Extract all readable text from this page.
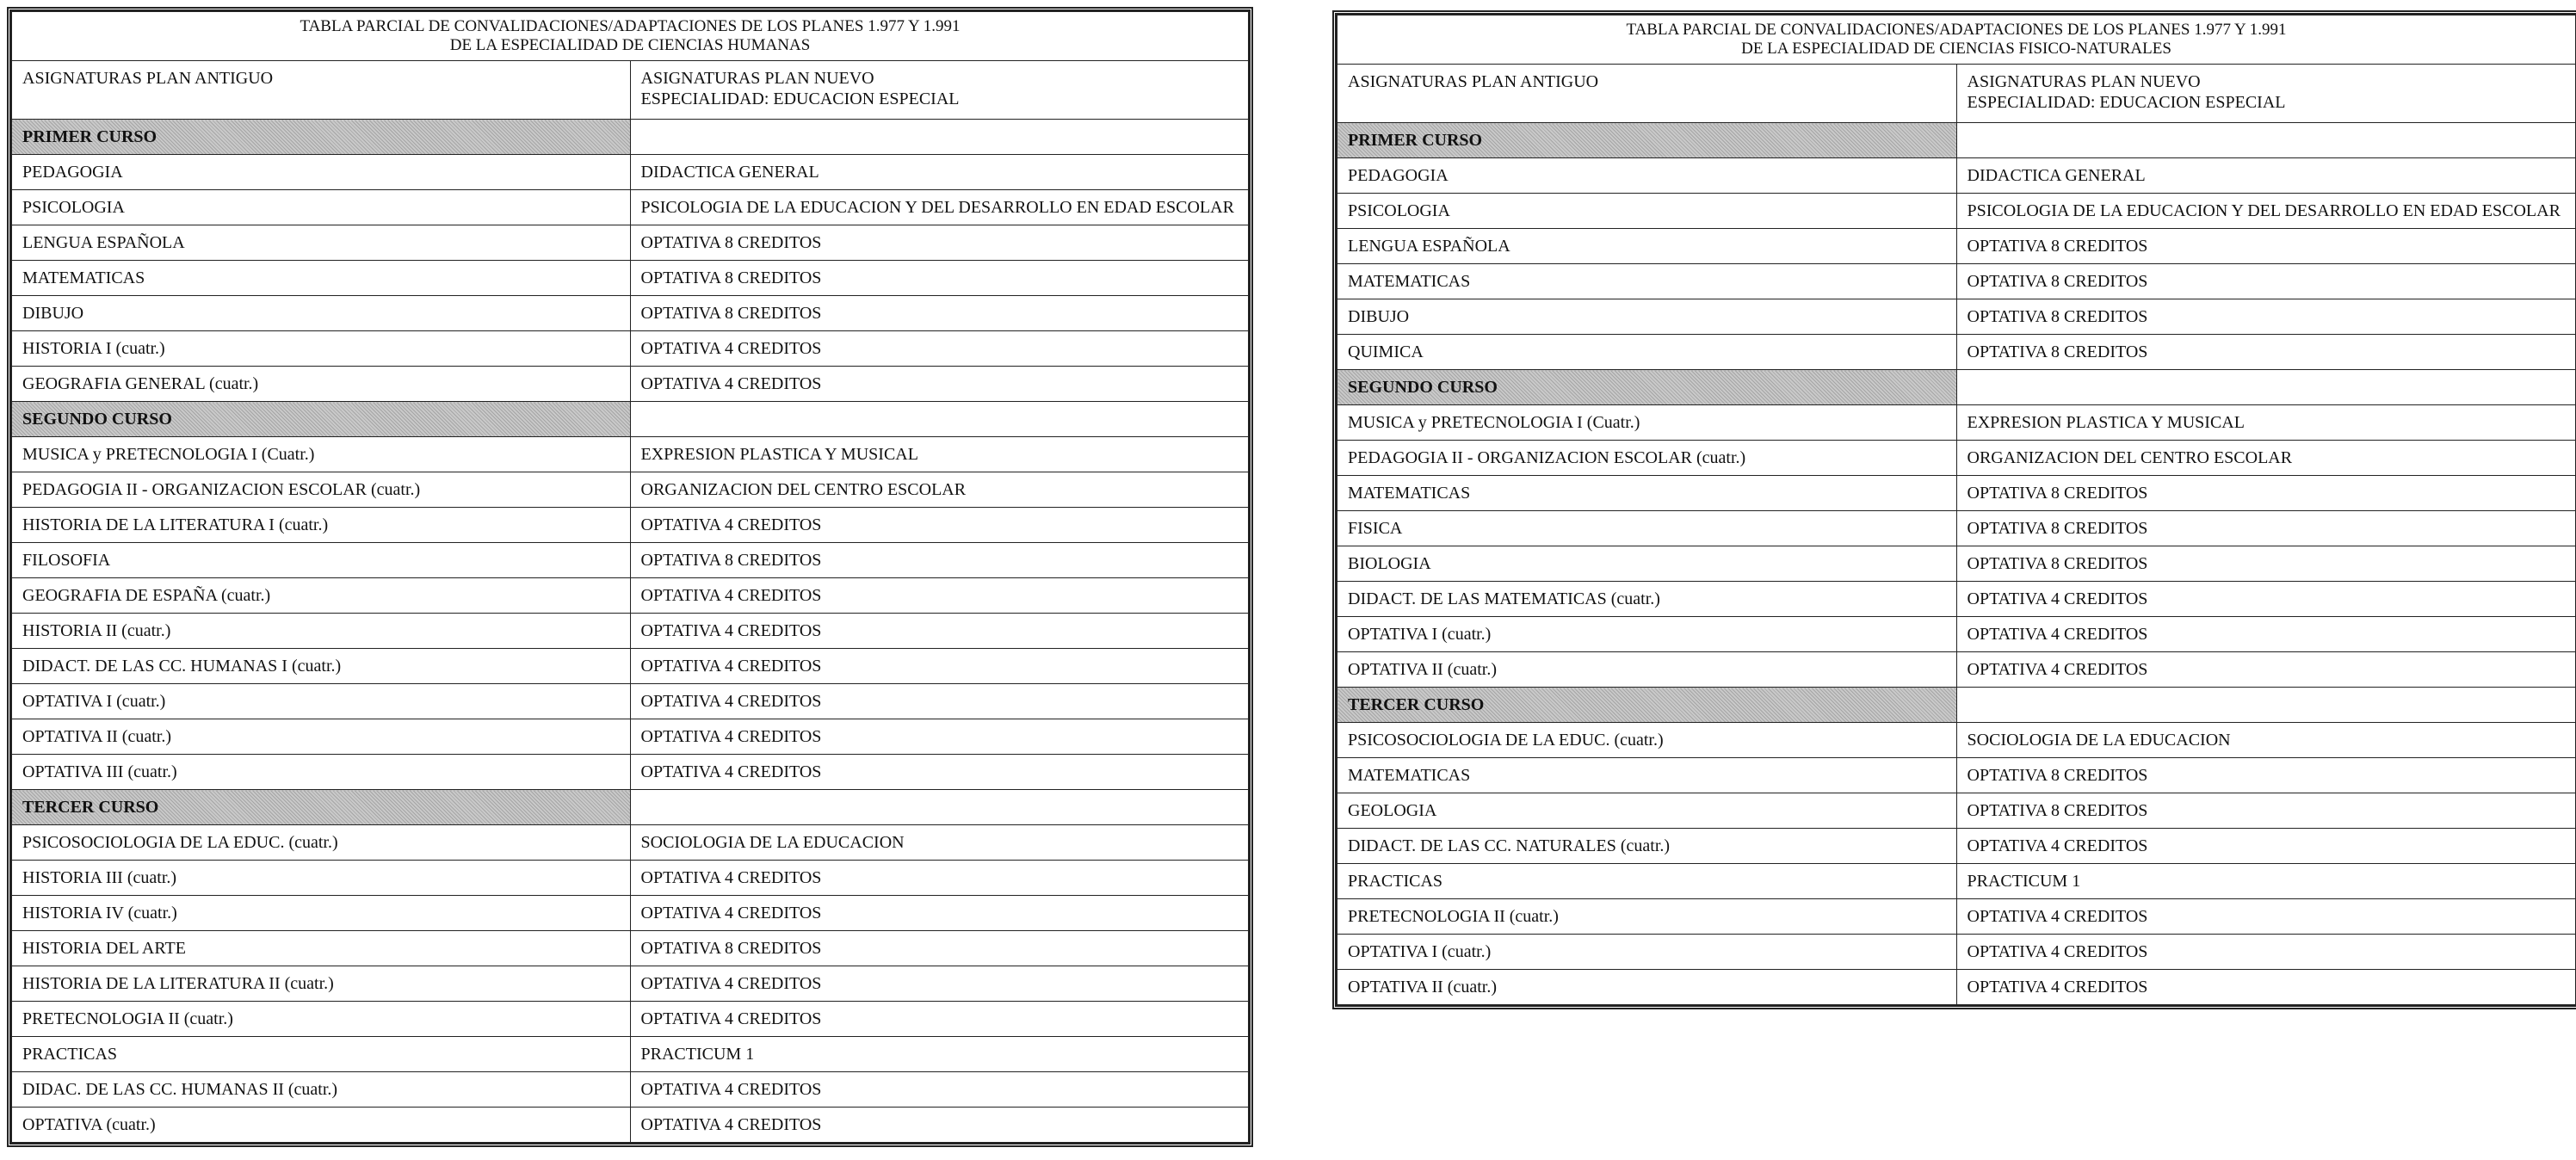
TABLA PARCIAL DE CONVALIDACIONES/ADAPTACIONES DE LOS PLANES 1.977 Y 1.991
DE LA ESPECIALIDAD DE CIENCIAS HUMANAS	

ASIGNATURAS PLAN ANTIGUO	ASIGNATURAS PLAN NUEVO
ESPECIALIDAD: EDUCACION ESPECIAL

PRIMER CURSO	
PEDAGOGIA	DIDACTICA GENERAL
PSICOLOGIA	PSICOLOGIA DE LA EDUCACION Y DEL DESARROLLO EN EDAD ESCOLAR
LENGUA ESPAÑOLA	OPTATIVA 8 CREDITOS
MATEMATICAS	OPTATIVA 8 CREDITOS
DIBUJO	OPTATIVA 8 CREDITOS
HISTORIA I (cuatr.)	OPTATIVA 4 CREDITOS
GEOGRAFIA GENERAL (cuatr.)	OPTATIVA 4 CREDITOS
SEGUNDO CURSO	
MUSICA y PRETECNOLOGIA I (Cuatr.)	EXPRESION PLASTICA Y MUSICAL
PEDAGOGIA II - ORGANIZACION ESCOLAR (cuatr.)	ORGANIZACION DEL CENTRO ESCOLAR
HISTORIA DE LA LITERATURA I (cuatr.)	OPTATIVA 4 CREDITOS
FILOSOFIA	OPTATIVA 8 CREDITOS
GEOGRAFIA DE ESPAÑA (cuatr.)	OPTATIVA 4 CREDITOS
HISTORIA II (cuatr.)	OPTATIVA 4 CREDITOS
DIDACT. DE LAS CC. HUMANAS I (cuatr.)	OPTATIVA 4 CREDITOS
OPTATIVA I (cuatr.)	OPTATIVA 4 CREDITOS
OPTATIVA II (cuatr.)	OPTATIVA 4 CREDITOS
OPTATIVA III (cuatr.)	OPTATIVA 4 CREDITOS
TERCER CURSO	
PSICOSOCIOLOGIA DE LA EDUC. (cuatr.)	SOCIOLOGIA DE LA EDUCACION
HISTORIA III (cuatr.)	OPTATIVA 4 CREDITOS
HISTORIA IV (cuatr.)	OPTATIVA 4 CREDITOS
HISTORIA DEL ARTE	OPTATIVA 8 CREDITOS
HISTORIA DE LA LITERATURA II (cuatr.)	OPTATIVA 4 CREDITOS
PRETECNOLOGIA II (cuatr.)	OPTATIVA 4 CREDITOS
PRACTICAS	PRACTICUM 1
DIDAC. DE LAS CC. HUMANAS II (cuatr.)	OPTATIVA 4 CREDITOS
OPTATIVA (cuatr.)	OPTATIVA 4 CREDITOS
TABLA PARCIAL DE CONVALIDACIONES/ADAPTACIONES DE LOS PLANES 1.977 Y 1.991
DE LA ESPECIALIDAD DE CIENCIAS FISICO-NATURALES	

ASIGNATURAS PLAN ANTIGUO	ASIGNATURAS PLAN NUEVO
ESPECIALIDAD: EDUCACION ESPECIAL

PRIMER CURSO	
PEDAGOGIA	DIDACTICA GENERAL
PSICOLOGIA	PSICOLOGIA DE LA EDUCACION Y DEL DESARROLLO EN EDAD ESCOLAR
LENGUA ESPAÑOLA	OPTATIVA 8 CREDITOS
MATEMATICAS	OPTATIVA 8 CREDITOS
DIBUJO	OPTATIVA 8 CREDITOS
QUIMICA	OPTATIVA 8 CREDITOS
SEGUNDO CURSO	
MUSICA y PRETECNOLOGIA I (Cuatr.)	EXPRESION PLASTICA Y MUSICAL
PEDAGOGIA II - ORGANIZACION ESCOLAR (cuatr.)	ORGANIZACION DEL CENTRO ESCOLAR
MATEMATICAS	OPTATIVA 8 CREDITOS
FISICA	OPTATIVA 8 CREDITOS
BIOLOGIA	OPTATIVA 8 CREDITOS
DIDACT. DE LAS MATEMATICAS (cuatr.)	OPTATIVA 4 CREDITOS
OPTATIVA I (cuatr.)	OPTATIVA 4 CREDITOS
OPTATIVA II (cuatr.)	OPTATIVA 4 CREDITOS
TERCER CURSO	
PSICOSOCIOLOGIA DE LA EDUC. (cuatr.)	SOCIOLOGIA DE LA EDUCACION
MATEMATICAS	OPTATIVA 8 CREDITOS
GEOLOGIA	OPTATIVA 8 CREDITOS
DIDACT. DE LAS CC. NATURALES (cuatr.)	OPTATIVA 4 CREDITOS
PRACTICAS	PRACTICUM 1
PRETECNOLOGIA II (cuatr.)	OPTATIVA 4 CREDITOS
OPTATIVA I (cuatr.)	OPTATIVA 4 CREDITOS
OPTATIVA II (cuatr.)	OPTATIVA 4 CREDITOS
